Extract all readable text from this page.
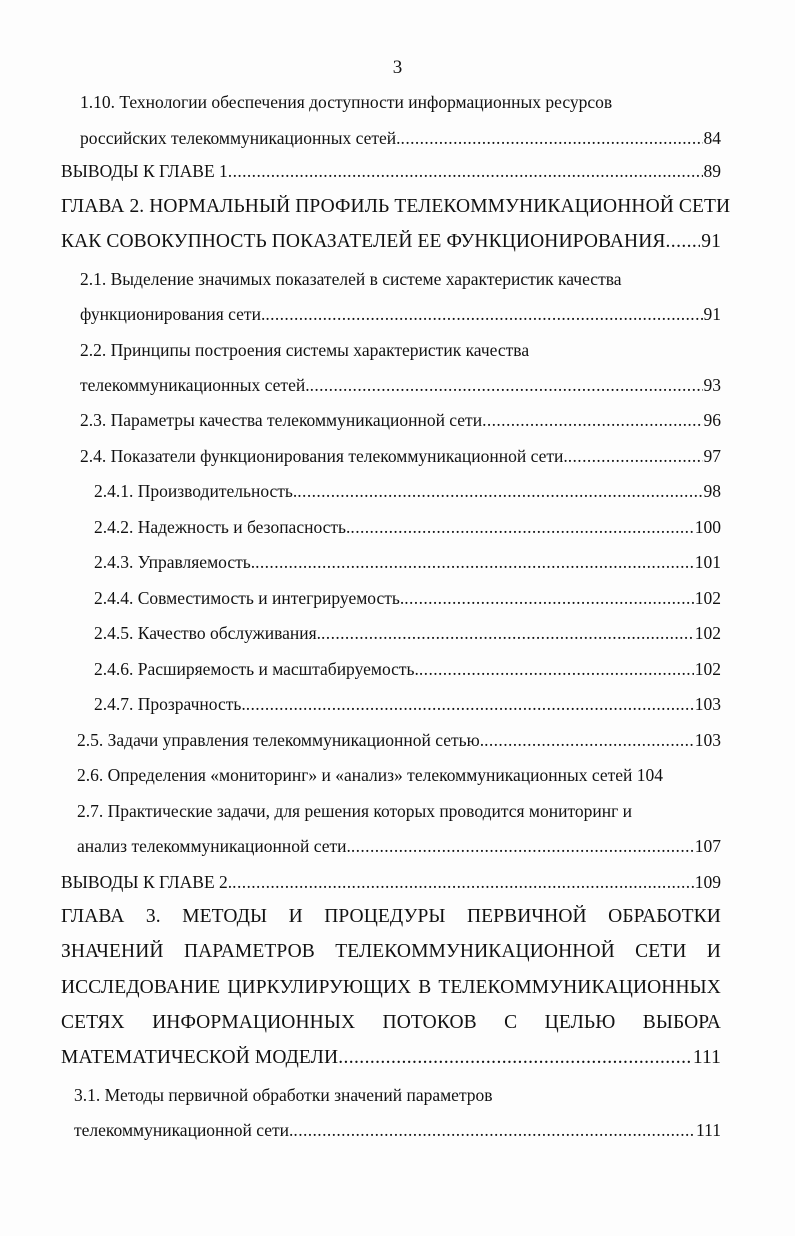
3
1.10. Технологии обеспечения доступности информационных ресурсов
российских телекоммуникационных сетей. .....	84
ВЫВОДЫ К ГЛАВЕ 1 .....	89
ГЛАВА 2. НОРМАЛЬНЫЙ ПРОФИЛЬ ТЕЛЕКОММУНИКАЦИОННОЙ СЕТИ
КАК СОВОКУПНОСТЬ ПОКАЗАТЕЛЕЙ ЕЕ ФУНКЦИОНИРОВАНИЯ ..... 91
2.1. Выделение значимых показателей в системе характеристик качества
функционирования сети. .....	91
2.2. Принципы построения системы характеристик качества
телекоммуникационных сетей. .....	93
2.3. Параметры качества телекоммуникационной сети .....	96
2.4. Показатели функционирования телекоммуникационной сети. .....	97
2.4.1. Производительность. .....	98
2.4.2. Надежность и безопасность. .....	100
2.4.3. Управляемость. .....	101
2.4.4. Совместимость и интегрируемость. .....	102
2.4.5. Качество обслуживания. .....	102
2.4.6. Расширяемость и масштабируемость. .....	102
2.4.7. Прозрачность. .....	103
2.5. Задачи управления телекоммуникационной сетью. .....	103
2.6. Определения «мониторинг» и «анализ» телекоммуникационных сетей 104
2.7. Практические задачи, для решения которых проводится мониторинг и
анализ телекоммуникационной сети. .....	107
ВЫВОДЫ К ГЛАВЕ 2. .....	109
ГЛАВА 3. МЕТОДЫ И ПРОЦЕДУРЫ ПЕРВИЧНОЙ ОБРАБОТКИ
ЗНАЧЕНИЙ ПАРАМЕТРОВ ТЕЛЕКОММУНИКАЦИОННОЙ СЕТИ И
ИССЛЕДОВАНИЕ ЦИРКУЛИРУЮЩИХ В ТЕЛЕКОММУНИКАЦИОННЫХ
СЕТЯХ ИНФОРМАЦИОННЫХ ПОТОКОВ С ЦЕЛЬЮ ВЫБОРА
МАТЕМАТИЧЕСКОЙ МОДЕЛИ .....	111
3.1. Методы первичной обработки значений параметров
телекоммуникационной сети. .....	111
